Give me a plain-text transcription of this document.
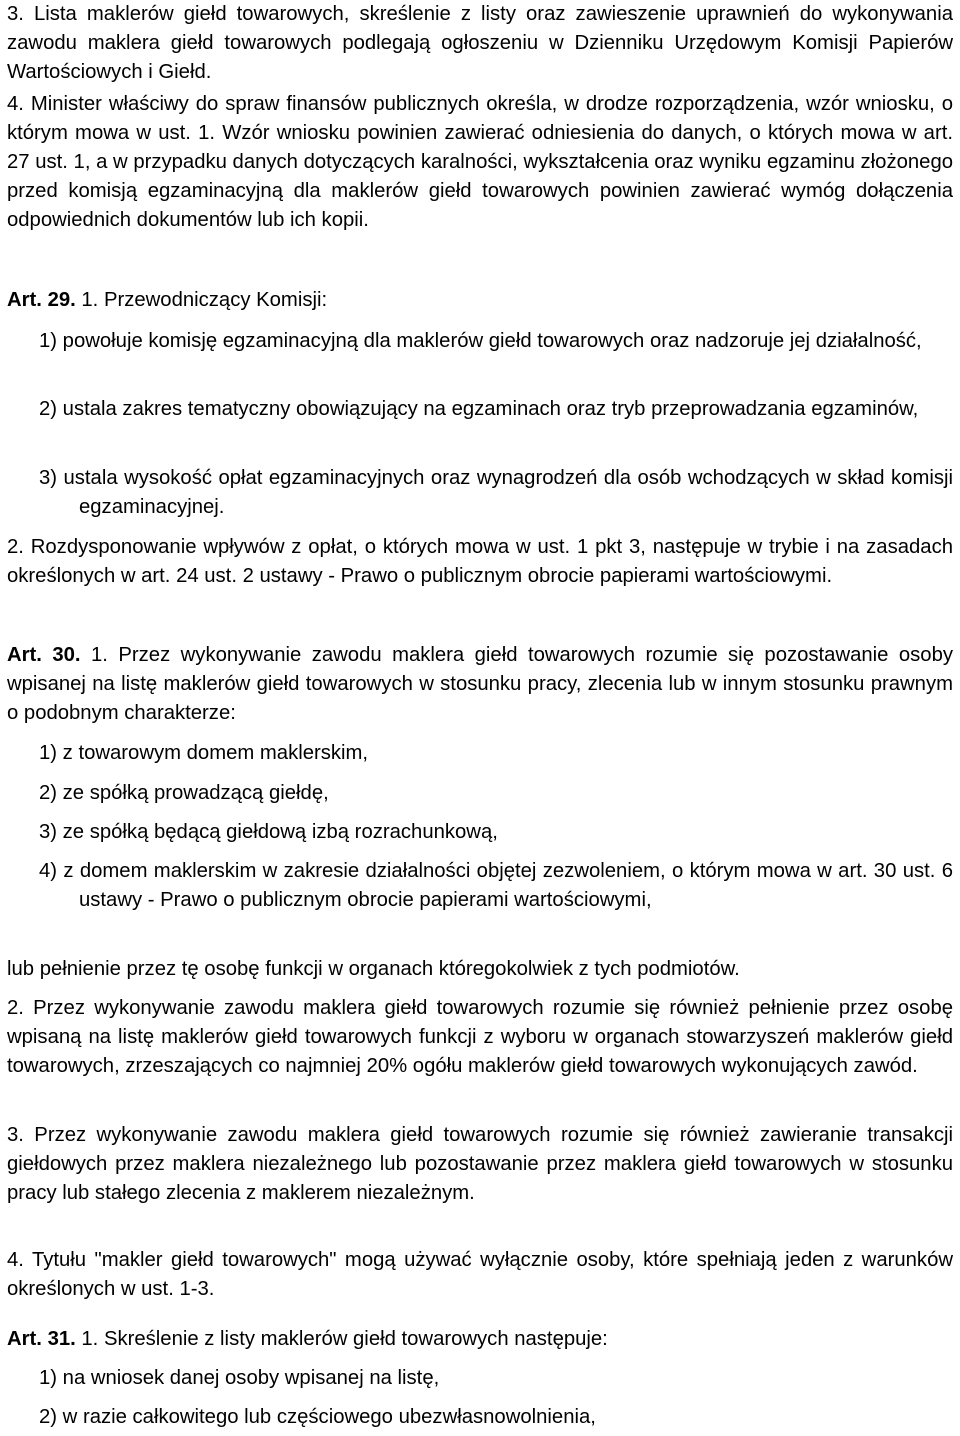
3. Lista maklerów giełd towarowych, skreślenie z listy oraz zawieszenie uprawnień do wykonywania zawodu maklera giełd towarowych podlegają ogłoszeniu w Dzienniku Urzędowym Komisji Papierów Wartościowych i Giełd.

4. Minister właściwy do spraw finansów publicznych określa, w drodze rozporządzenia, wzór wniosku, o którym mowa w ust. 1. Wzór wniosku powinien zawierać odniesienia do danych, o których mowa w art. 27 ust. 1, a w przypadku danych dotyczących karalności, wykształcenia oraz wyniku egzaminu złożonego przed komisją egzaminacyjną dla maklerów giełd towarowych powinien zawierać wymóg dołączenia odpowiednich dokumentów lub ich kopii.

Art. 29. 1. Przewodniczący Komisji:

1) powołuje komisję egzaminacyjną dla maklerów giełd towarowych oraz nadzoruje jej działalność,

2) ustala zakres tematyczny obowiązujący na egzaminach oraz tryb przeprowadzania egzaminów,

3) ustala wysokość opłat egzaminacyjnych oraz wynagrodzeń dla osób wchodzących w skład komisji egzaminacyjnej.

2. Rozdysponowanie wpływów z opłat, o których mowa w ust. 1 pkt 3, następuje w trybie i na zasadach określonych w art. 24 ust. 2 ustawy - Prawo o publicznym obrocie papierami wartościowymi.

Art. 30. 1. Przez wykonywanie zawodu maklera giełd towarowych rozumie się pozostawanie osoby wpisanej na listę maklerów giełd towarowych w stosunku pracy, zlecenia lub w innym stosunku prawnym o podobnym charakterze:

1) z towarowym domem maklerskim,

2) ze spółką prowadzącą giełdę,

3) ze spółką będącą giełdową izbą rozrachunkową,

4) z domem maklerskim w zakresie działalności objętej zezwoleniem, o którym mowa w art. 30 ust. 6 ustawy - Prawo o publicznym obrocie papierami wartościowymi,

lub pełnienie przez tę osobę funkcji w organach któregokolwiek z tych podmiotów.

2. Przez wykonywanie zawodu maklera giełd towarowych rozumie się również pełnienie przez osobę wpisaną na listę maklerów giełd towarowych funkcji z wyboru w organach stowarzyszeń maklerów giełd towarowych, zrzeszających co najmniej 20% ogółu maklerów giełd towarowych wykonujących zawód.

3. Przez wykonywanie zawodu maklera giełd towarowych rozumie się również zawieranie transakcji giełdowych przez maklera niezależnego lub pozostawanie przez maklera giełd towarowych w stosunku pracy lub stałego zlecenia z maklerem niezależnym.

4. Tytułu "makler giełd towarowych" mogą używać wyłącznie osoby, które spełniają jeden z warunków określonych w ust. 1-3.

Art. 31. 1. Skreślenie z listy maklerów giełd towarowych następuje:

1) na wniosek danej osoby wpisanej na listę,

2) w razie całkowitego lub częściowego ubezwłasnowolnienia,
